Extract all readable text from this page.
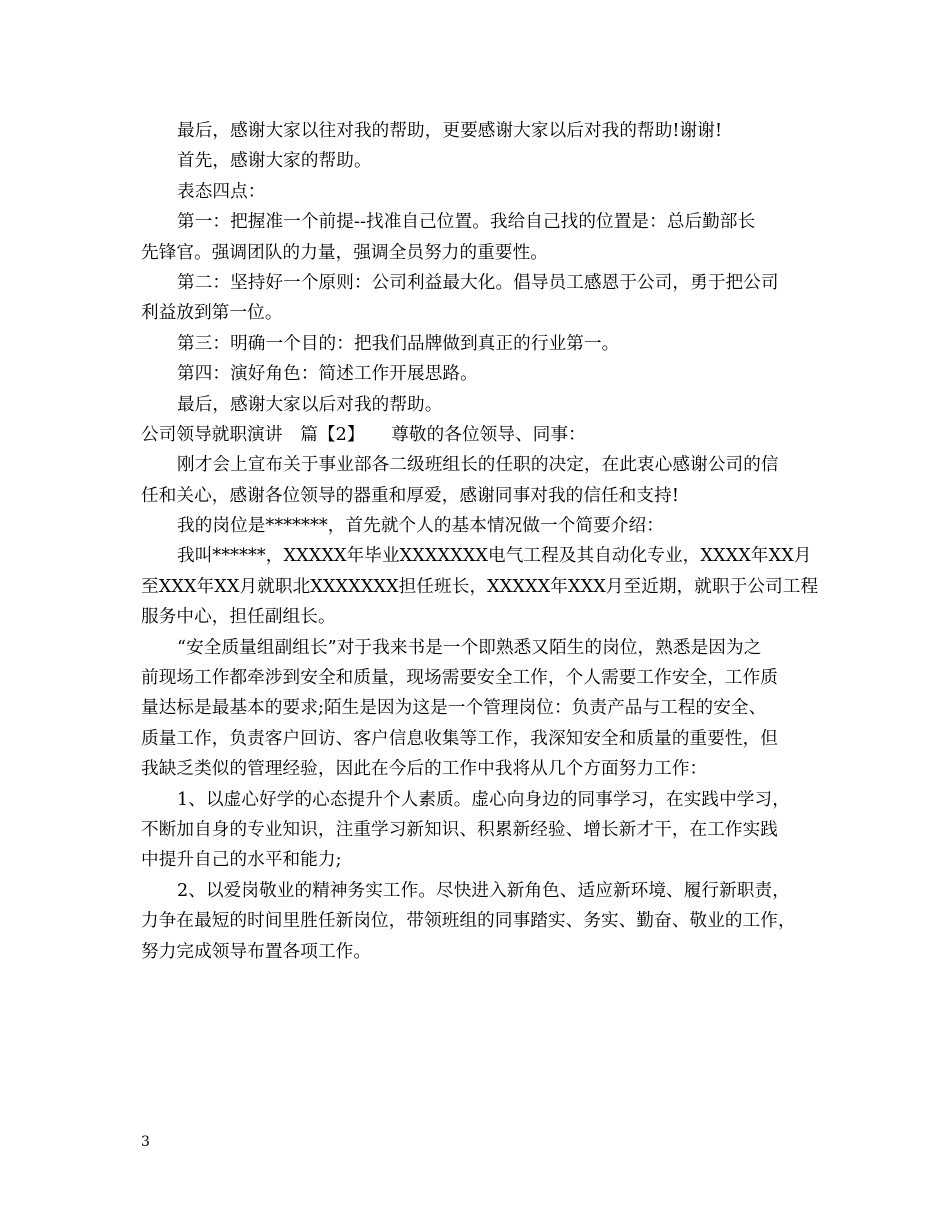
最后，感谢大家以往对我的帮助，更要感谢大家以后对我的帮助!谢谢!
首先，感谢大家的帮助。
表态四点：
第一：把握准一个前提--找准自己位置。我给自己找的位置是：总后勤部长
先锋官。强调团队的力量，强调全员努力的重要性。
第二：坚持好一个原则：公司利益最大化。倡导员工感恩于公司，勇于把公司
利益放到第一位。
第三：明确一个目的：把我们品牌做到真正的行业第一。
第四：演好角色：简述工作开展思路。
最后，感谢大家以后对我的帮助。
公司领导就职演讲　篇【2】　　尊敬的各位领导、同事：
刚才会上宣布关于事业部各二级班组长的任职的决定，在此衷心感谢公司的信
任和关心，感谢各位领导的器重和厚爱，感谢同事对我的信任和支持!
我的岗位是*******，首先就个人的基本情况做一个简要介绍：
我叫******，XXXXX年毕业XXXXXXX电气工程及其自动化专业，XXXX年XX月
至XXX年XX月就职北XXXXXXX担任班长，XXXXX年XXX月至近期，就职于公司工程
服务中心，担任副组长。
“安全质量组副组长”对于我来书是一个即熟悉又陌生的岗位，熟悉是因为之
前现场工作都牵涉到安全和质量，现场需要安全工作，个人需要工作安全，工作质
量达标是最基本的要求;陌生是因为这是一个管理岗位：负责产品与工程的安全、
质量工作，负责客户回访、客户信息收集等工作，我深知安全和质量的重要性，但
我缺乏类似的管理经验，因此在今后的工作中我将从几个方面努力工作：
1、以虚心好学的心态提升个人素质。虚心向身边的同事学习，在实践中学习，
不断加自身的专业知识，注重学习新知识、积累新经验、增长新才干，在工作实践
中提升自己的水平和能力;
2、以爱岗敬业的精神务实工作。尽快进入新角色、适应新环境、履行新职责，
力争在最短的时间里胜任新岗位，带领班组的同事踏实、务实、勤奋、敬业的工作，
努力完成领导布置各项工作。
3
